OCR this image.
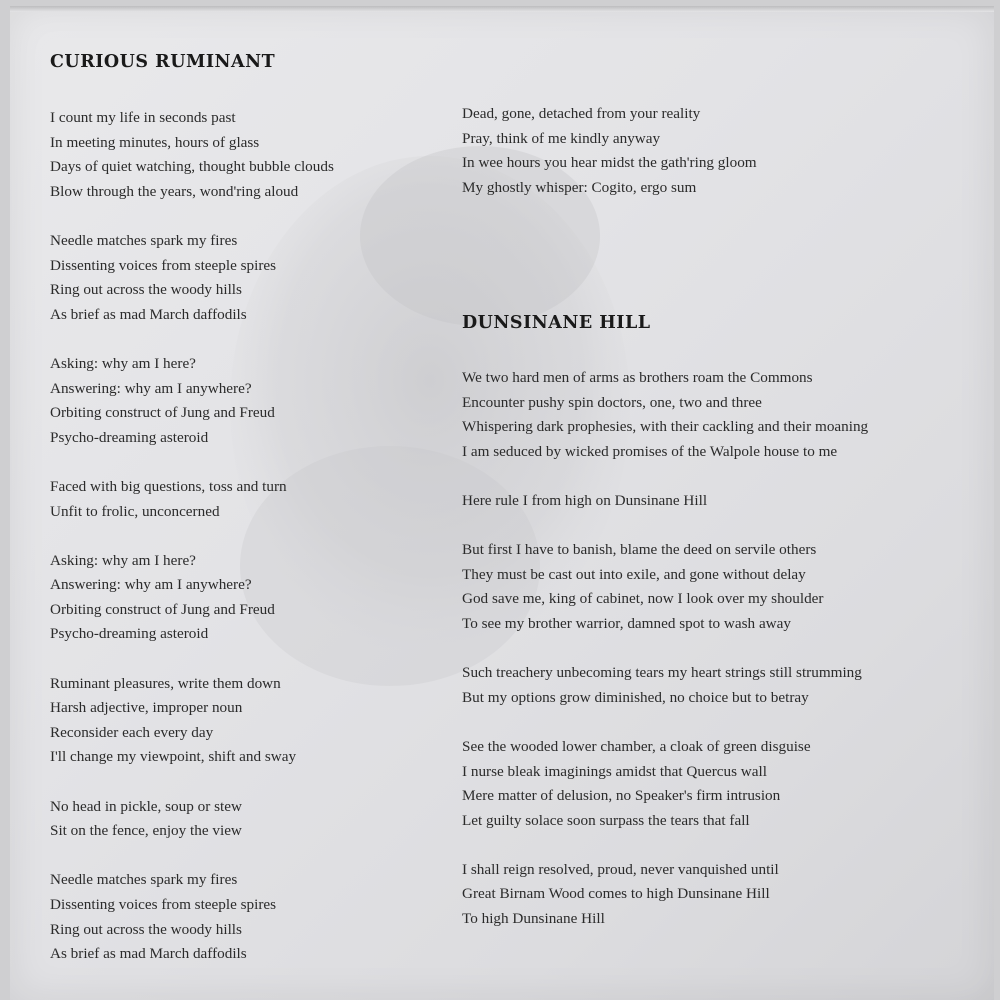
CURIOUS RUMINANT
I count my life in seconds past
In meeting minutes, hours of glass
Days of quiet watching, thought bubble clouds
Blow through the years, wond'ring aloud
Needle matches spark my fires
Dissenting voices from steeple spires
Ring out across the woody hills
As brief as mad March daffodils
Asking: why am I here?
Answering: why am I anywhere?
Orbiting construct of Jung and Freud
Psycho-dreaming asteroid
Faced with big questions, toss and turn
Unfit to frolic, unconcerned
Asking: why am I here?
Answering: why am I anywhere?
Orbiting construct of Jung and Freud
Psycho-dreaming asteroid
Ruminant pleasures, write them down
Harsh adjective, improper noun
Reconsider each every day
I'll change my viewpoint, shift and sway
No head in pickle, soup or stew
Sit on the fence, enjoy the view
Needle matches spark my fires
Dissenting voices from steeple spires
Ring out across the woody hills
As brief as mad March daffodils
Dead, gone, detached from your reality
Pray, think of me kindly anyway
In wee hours you hear midst the gath'ring gloom
My ghostly whisper: Cogito, ergo sum
DUNSINANE HILL
We two hard men of arms as brothers roam the Commons
Encounter pushy spin doctors, one, two and three
Whispering dark prophesies, with their cackling and their moaning
I am seduced by wicked promises of the Walpole house to me
Here rule I from high on Dunsinane Hill
But first I have to banish, blame the deed on servile others
They must be cast out into exile, and gone without delay
God save me, king of cabinet, now I look over my shoulder
To see my brother warrior, damned spot to wash away
Such treachery unbecoming tears my heart strings still strumming
But my options grow diminished, no choice but to betray
See the wooded lower chamber, a cloak of green disguise
I nurse bleak imaginings amidst that Quercus wall
Mere matter of delusion, no Speaker's firm intrusion
Let guilty solace soon surpass the tears that fall
I shall reign resolved, proud, never vanquished until
Great Birnam Wood comes to high Dunsinane Hill
To high Dunsinane Hill
